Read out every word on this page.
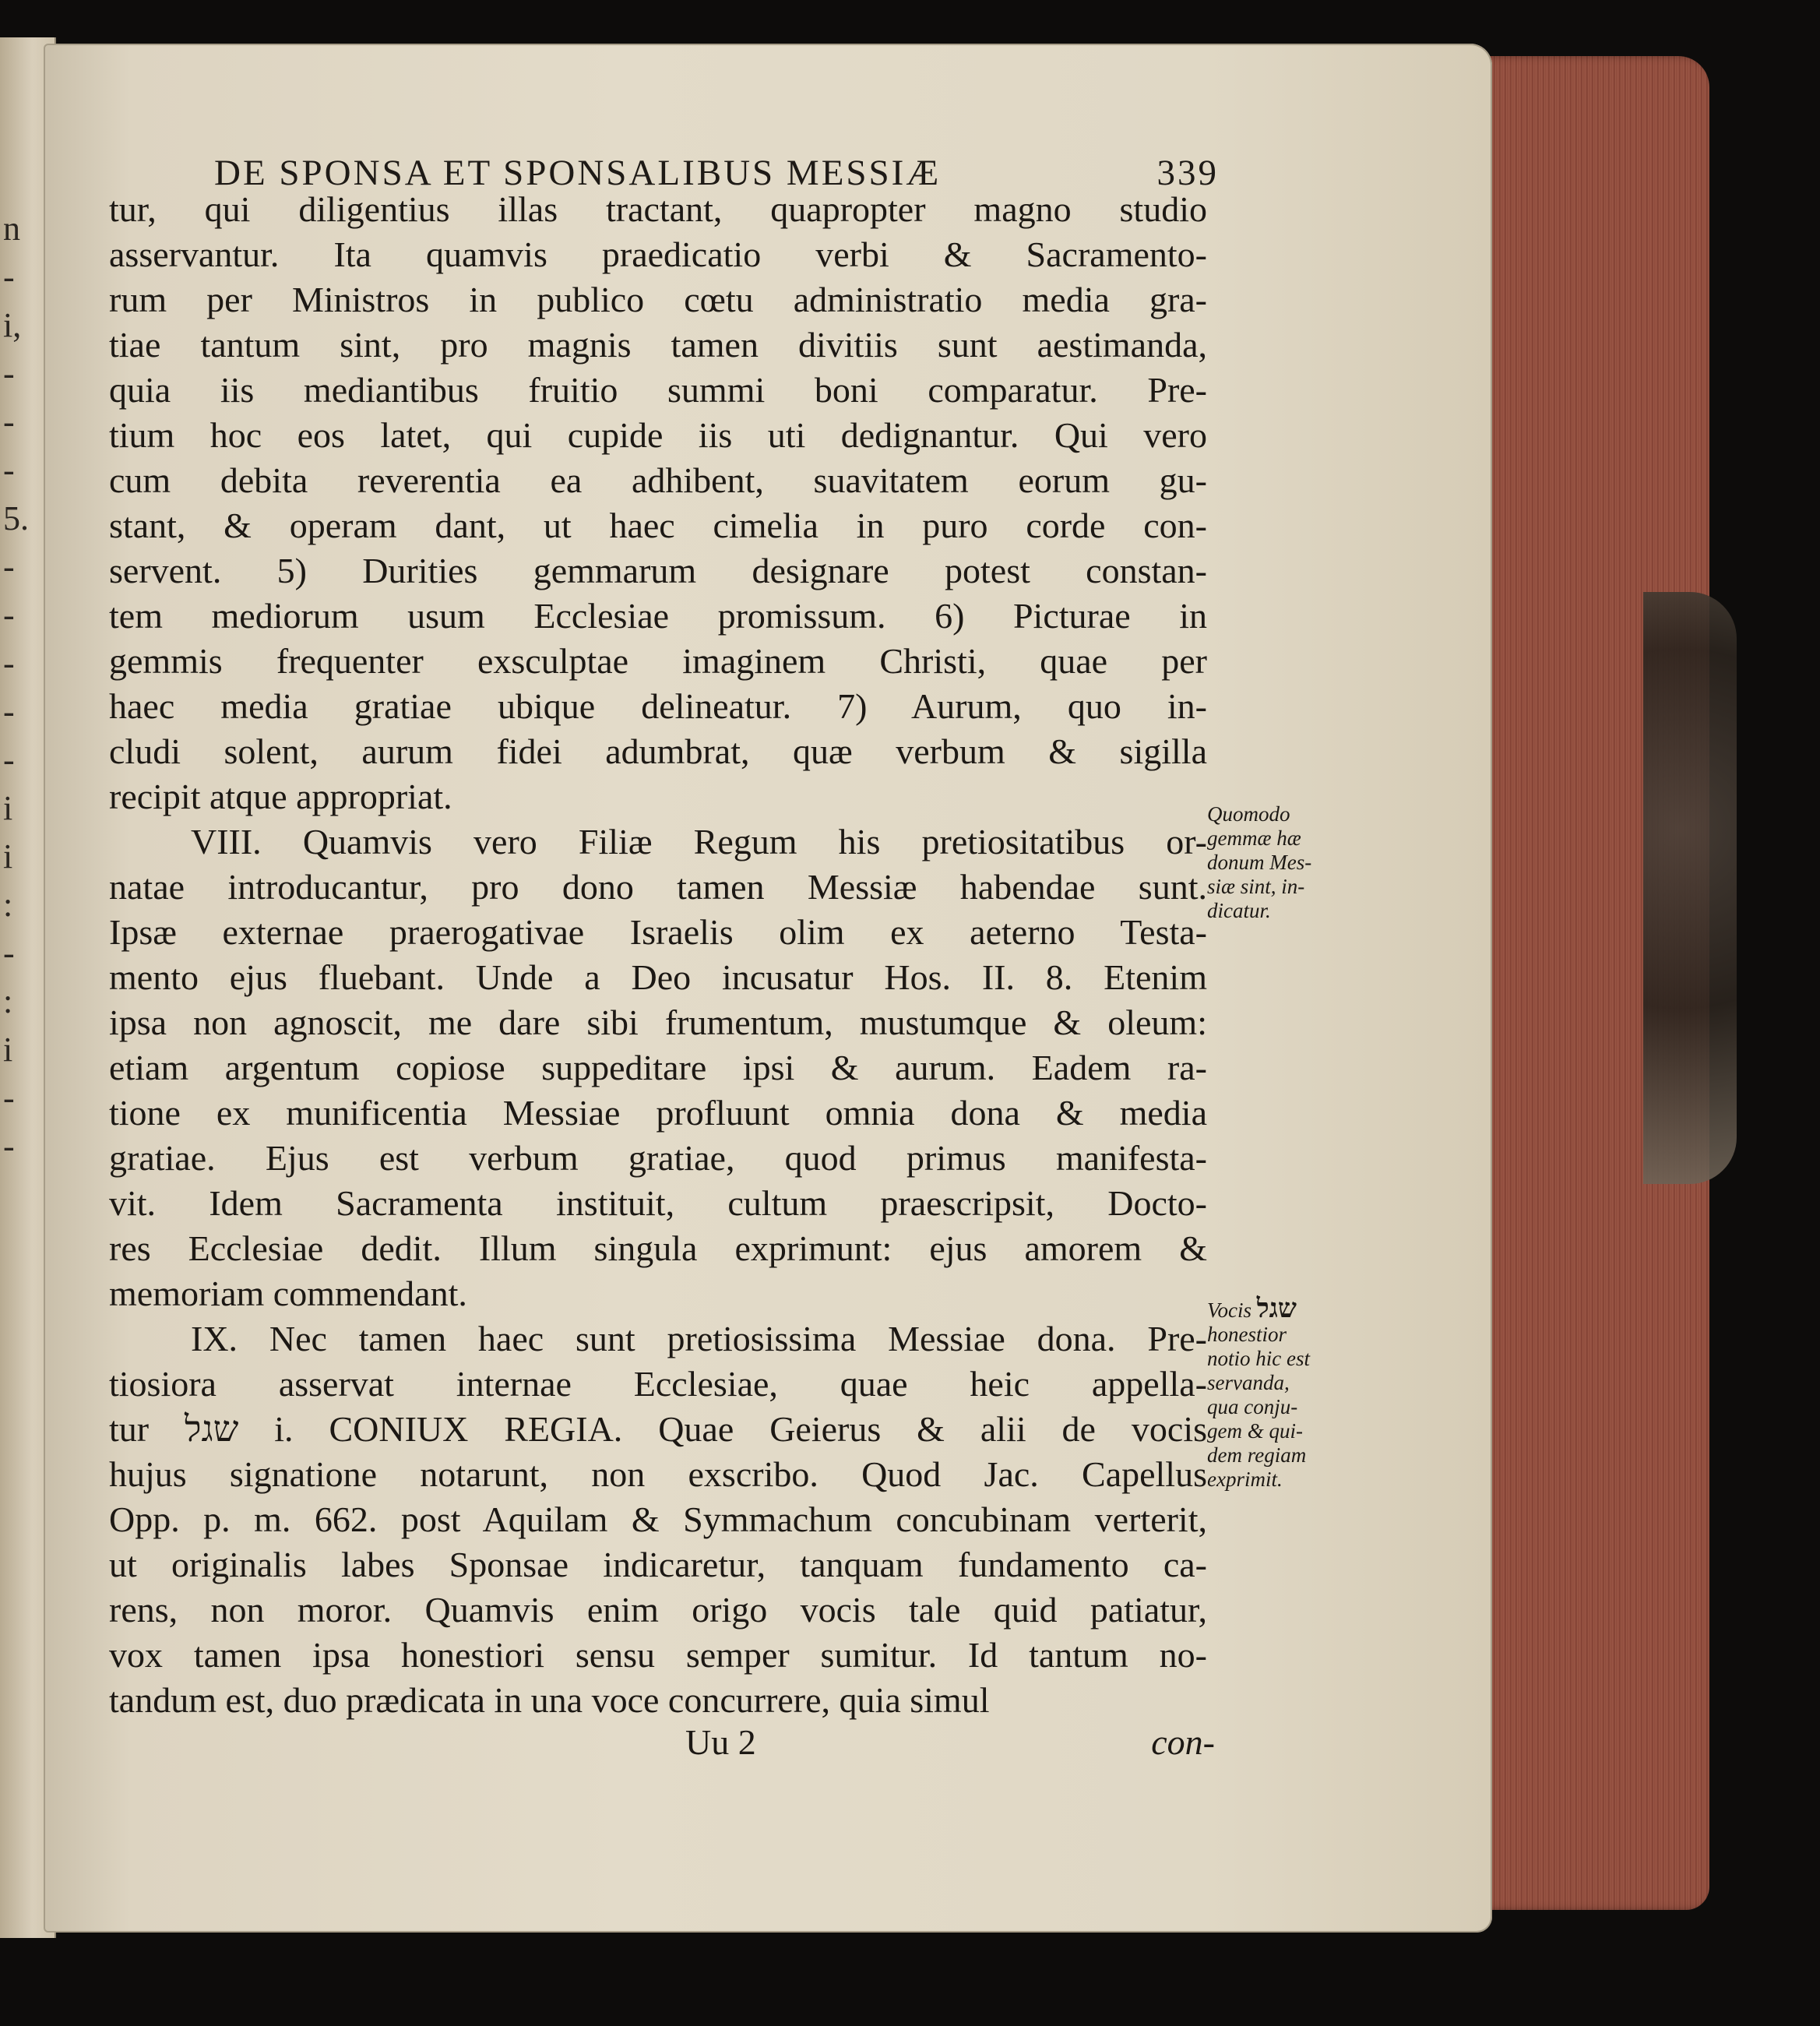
n
-
i,
-
-
-
5.
-
-
-
-
-
i
i
:
-
:
i
-
-
DE SPONSA ET SPONSALIBUS MESSIÆ	339
tur, qui diligentius illas tractant, quapropter magno studio
asservantur. Ita quamvis praedicatio verbi & Sacramento-
rum per Ministros in publico cœtu administratio media gra-
tiae tantum sint, pro magnis tamen divitiis sunt aestimanda,
quia iis mediantibus fruitio summi boni comparatur. Pre-
tium hoc eos latet, qui cupide iis uti dedignantur. Qui vero
cum debita reverentia ea adhibent, suavitatem eorum gu-
stant, & operam dant, ut haec cimelia in puro corde con-
servent. 5) Durities gemmarum designare potest constan-
tem mediorum usum Ecclesiae promissum. 6) Picturae in
gemmis frequenter exsculptae imaginem Christi, quae per
haec media gratiae ubique delineatur. 7) Aurum, quo in-
cludi solent, aurum fidei adumbrat, quæ verbum & sigilla
recipit atque appropriat.
VIII. Quamvis vero Filiæ Regum his pretiositatibus or-
natae introducantur, pro dono tamen Messiæ habendae sunt.
Ipsæ externae praerogativae Israelis olim ex aeterno Testa-
mento ejus fluebant. Unde a Deo incusatur Hos. II. 8. Etenim
ipsa non agnoscit, me dare sibi frumentum, mustumque & oleum:
etiam argentum copiose suppeditare ipsi & aurum. Eadem ra-
tione ex munificentia Messiae profluunt omnia dona & media
gratiae. Ejus est verbum gratiae, quod primus manifesta-
vit. Idem Sacramenta instituit, cultum praescripsit, Docto-
res Ecclesiae dedit. Illum singula exprimunt: ejus amorem &
memoriam commendant.
IX. Nec tamen haec sunt pretiosissima Messiae dona. Pre-
tiosiora asservat internae Ecclesiae, quae heic appella-
tur שגל i. CONIUX REGIA. Quae Geierus & alii de vocis
hujus signatione notarunt, non exscribo. Quod Jac. Capellus
Opp. p. m. 662. post Aquilam & Symmachum concubinam verterit,
ut originalis labes Sponsae indicaretur, tanquam fundamento ca-
rens, non moror. Quamvis enim origo vocis tale quid patiatur,
vox tamen ipsa honestiori sensu semper sumitur. Id tantum no-
tandum est, duo prædicata in una voce concurrere, quia simul
Quomodo
gemmæ hæ
donum Mes-
siæ sint, in-
dicatur.
Vocis שגל
honestior
notio hic est
servanda,
qua conju-
gem & qui-
dem regiam
exprimit.
Uu 2	con-
